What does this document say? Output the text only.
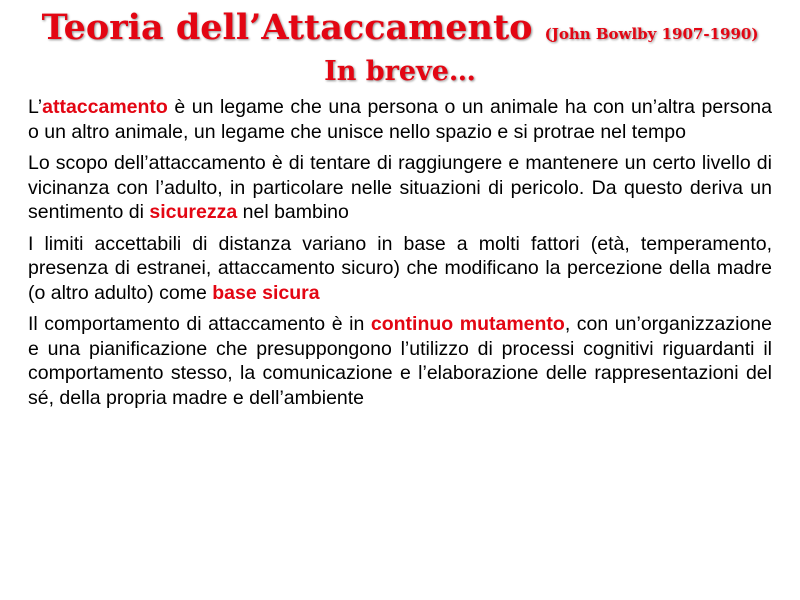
Teoria dell’Attaccamento (John Bowlby 1907-1990)
In breve…

L’attaccamento è un legame che una persona o un animale ha con un’altra persona o un altro animale, un legame che unisce nello spazio e si protrae nel tempo

Lo scopo dell’attaccamento è di tentare di raggiungere e mantenere un certo livello di vicinanza con l’adulto, in particolare nelle situazioni di pericolo. Da questo deriva un sentimento di sicurezza nel bambino

I limiti accettabili di distanza variano in base a molti fattori (età, temperamento, presenza di estranei, attaccamento sicuro) che modificano la percezione della madre (o altro adulto) come base sicura

Il comportamento di attaccamento è in continuo mutamento, con un’organizzazione e una pianificazione che presuppongono l’utilizzo di processi cognitivi riguardanti il comportamento stesso, la comunicazione e l’elaborazione delle rappresentazioni del sé, della propria madre e dell’ambiente
